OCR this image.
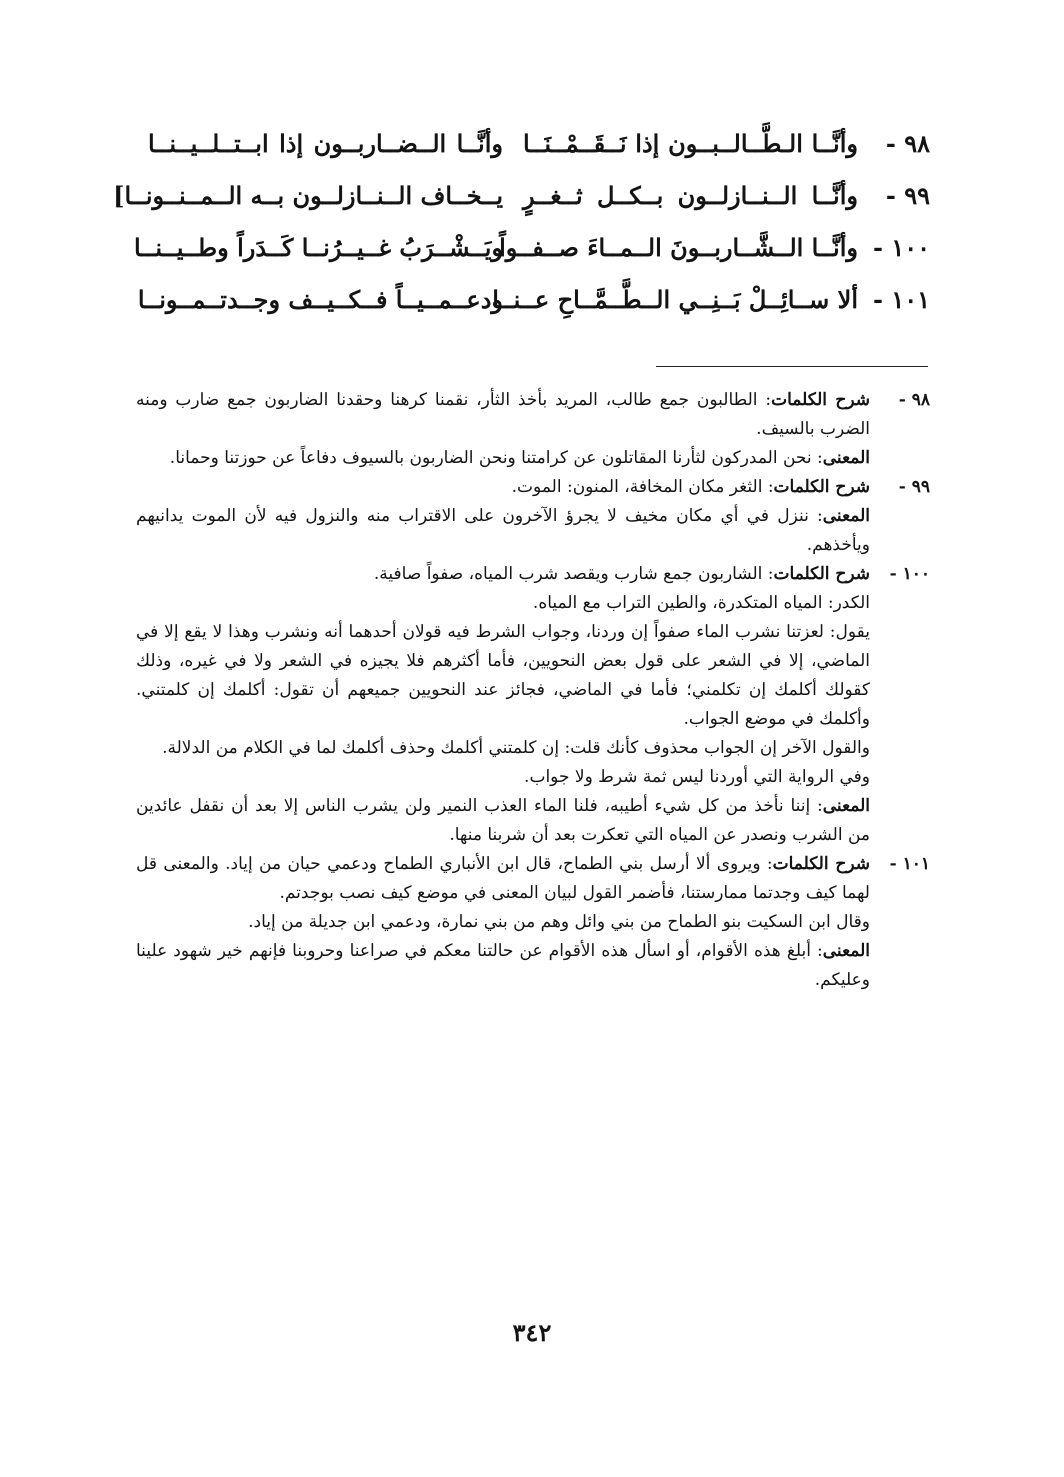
٩٨ -
وأنَّــا الـطَّــالــبــون إذا نَــقَــمْــنَــا
وأنَّــا الــضــاربــون إذا ابــتــلــيــنــا
٩٩ -
وأنَّــا الــنــازلــون بــكــل ثــغــرٍ
يــخــاف الــنــازلــون بــه الــمــنــونــا]
١٠٠ -
وأنَّــا الــشَّــاربــونَ الــمــاءَ صــفــواً
ويَــشْــرَبُ غــيــرُنــا كَــدَراً وطــيــنــا
١٠١ -
ألا ســائِــلْ بَــنِــي الــطَّــمَّــاحِ عــنــا
ودعــمــيــاً فــكــيــف وجــدتــمــونــا
٩٨ -

شرح الكلمات: الطالبون جمع طالب، المريد بأخذ الثأر، نقمنا كرهنا وحقدنا الضاربون جمع ضارب ومنه الضرب بالسيف.

المعنى: نحن المدركون لثأرنا المقاتلون عن كرامتنا ونحن الضاربون بالسيوف دفاعاً عن حوزتنا وحمانا.

٩٩ -

شرح الكلمات: الثغر مكان المخافة، المنون: الموت.

المعنى: ننزل في أي مكان مخيف لا يجرؤ الآخرون على الاقتراب منه والنزول فيه لأن الموت يدانيهم ويأخذهم.

١٠٠ -

شرح الكلمات: الشاربون جمع شارب ويقصد شرب المياه، صفواً صافية.

الكدر: المياه المتكدرة، والطين التراب مع المياه.

يقول: لعزتنا نشرب الماء صفواً إن وردنا، وجواب الشرط فيه قولان أحدهما أنه ونشرب وهذا لا يقع إلا في الماضي، إلا في الشعر على قول بعض النحويين، فأما أكثرهم فلا يجيزه في الشعر ولا في غيره، وذلك كقولك أكلمك إن تكلمني؛ فأما في الماضي، فجائز عند النحويين جميعهم أن تقول: أكلمك إن كلمتني. وأكلمك في موضع الجواب.

والقول الآخر إن الجواب محذوف كأنك قلت: إن كلمتني أكلمك وحذف أكلمك لما في الكلام من الدلالة.

وفي الرواية التي أوردنا ليس ثمة شرط ولا جواب.

المعنى: إننا نأخذ من كل شيء أطيبه، فلنا الماء العذب النمير ولن يشرب الناس إلا بعد أن نقفل عائدين من الشرب ونصدر عن المياه التي تعكرت بعد أن شربنا منها.

١٠١ -

شرح الكلمات: ويروى ألا أرسل بني الطماح، قال ابن الأنباري الطماح ودعمي حيان من إياد. والمعنى قل لهما كيف وجدتما ممارستنا، فأضمر القول لبيان المعنى في موضع كيف نصب بوجدتم.

وقال ابن السكيت بنو الطماح من بني وائل وهم من بني نمارة، ودعمي ابن جديلة من إياد.

المعنى: أبلغ هذه الأقوام، أو اسأل هذه الأقوام عن حالتنا معكم في صراعنا وحروبنا فإنهم خير شهود علينا وعليكم.

٣٤٢
